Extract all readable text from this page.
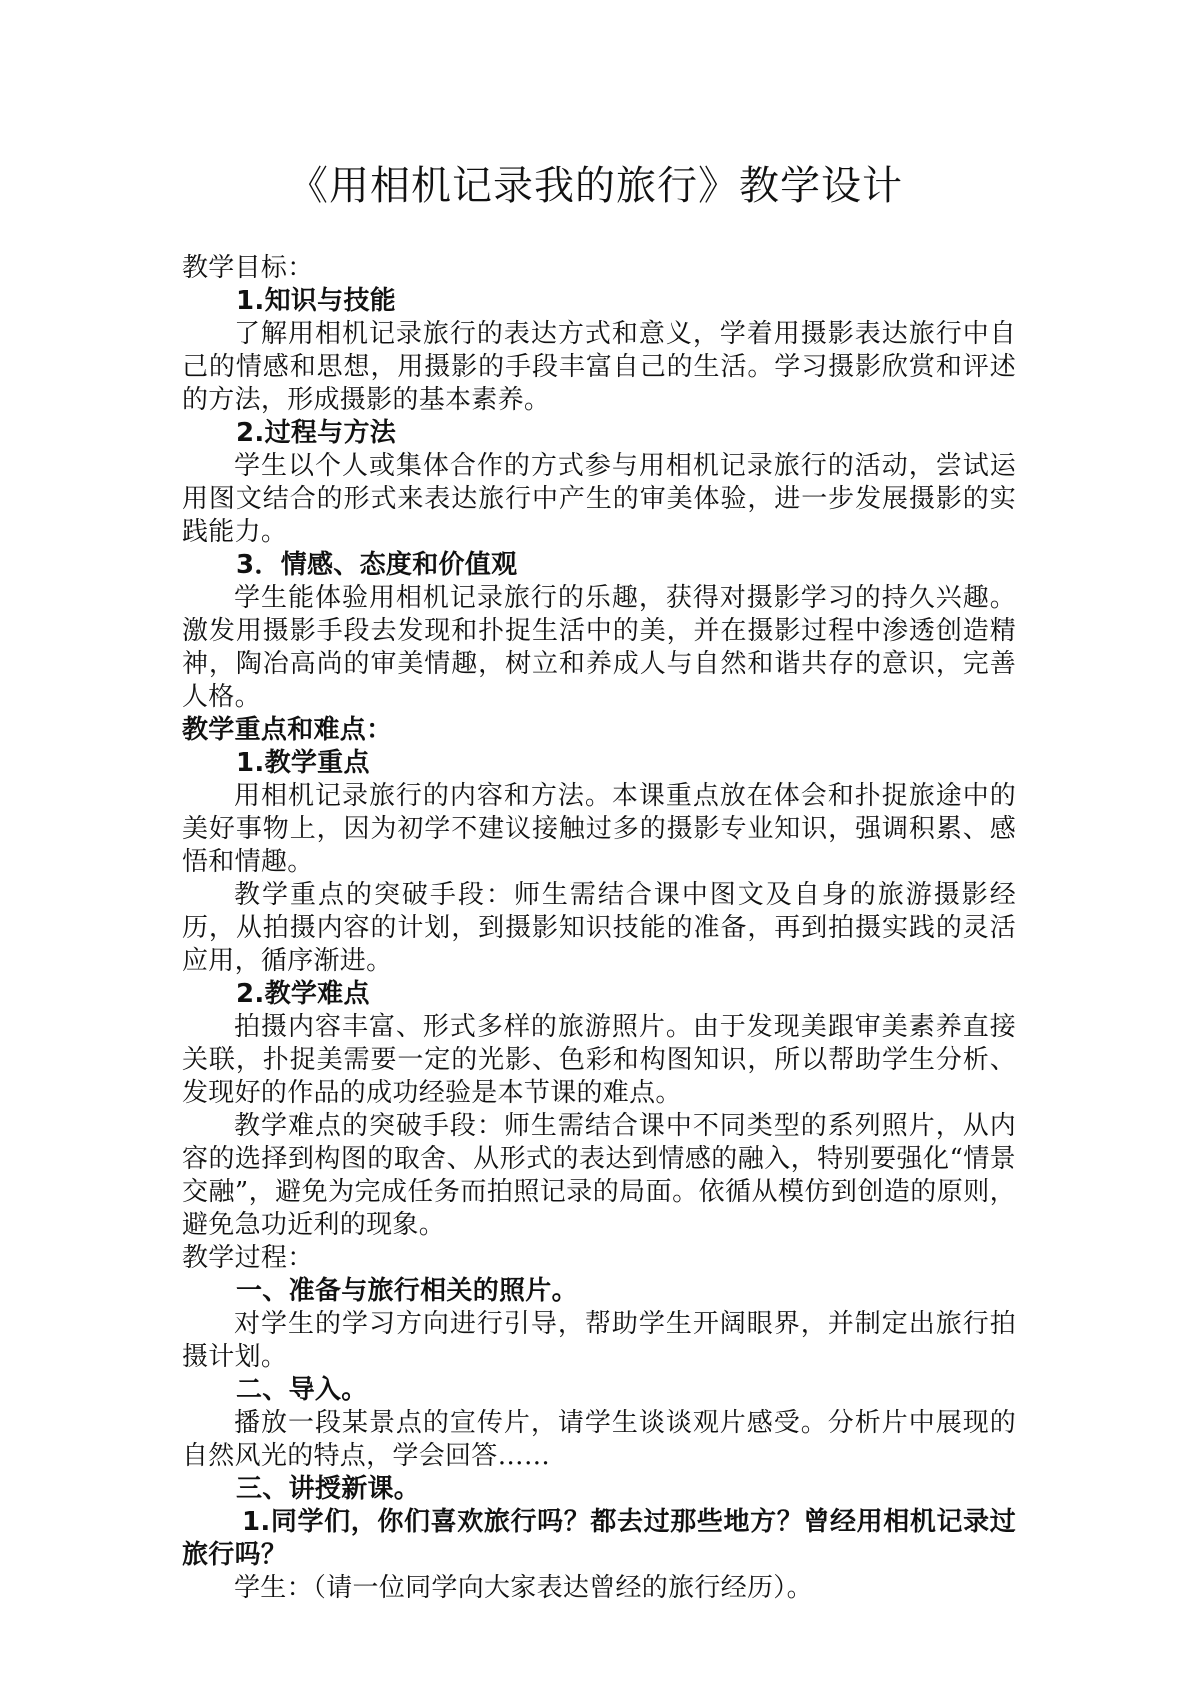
《用相机记录我的旅行》教学设计

教学目标：

1.知识与技能

了解用相机记录旅行的表达方式和意义，学着用摄影表达旅行中自己的情感和思想，用摄影的手段丰富自己的生活。学习摄影欣赏和评述的方法，形成摄影的基本素养。

2.过程与方法

学生以个人或集体合作的方式参与用相机记录旅行的活动，尝试运用图文结合的形式来表达旅行中产生的审美体验，进一步发展摄影的实践能力。

3．情感、态度和价值观

学生能体验用相机记录旅行的乐趣，获得对摄影学习的持久兴趣。激发用摄影手段去发现和扑捉生活中的美，并在摄影过程中渗透创造精神，陶冶高尚的审美情趣，树立和养成人与自然和谐共存的意识，完善人格。

教学重点和难点：

1.教学重点

用相机记录旅行的内容和方法。本课重点放在体会和扑捉旅途中的美好事物上，因为初学不建议接触过多的摄影专业知识，强调积累、感悟和情趣。

教学重点的突破手段：师生需结合课中图文及自身的旅游摄影经历，从拍摄内容的计划，到摄影知识技能的准备，再到拍摄实践的灵活应用，循序渐进。

2.教学难点

拍摄内容丰富、形式多样的旅游照片。由于发现美跟审美素养直接关联，扑捉美需要一定的光影、色彩和构图知识，所以帮助学生分析、发现好的作品的成功经验是本节课的难点。

教学难点的突破手段：师生需结合课中不同类型的系列照片，从内容的选择到构图的取舍、从形式的表达到情感的融入，特别要强化“情景交融”，避免为完成任务而拍照记录的局面。依循从模仿到创造的原则，避免急功近利的现象。

教学过程：

一、准备与旅行相关的照片。

对学生的学习方向进行引导，帮助学生开阔眼界，并制定出旅行拍摄计划。

二、导入。

播放一段某景点的宣传片，请学生谈谈观片感受。分析片中展现的自然风光的特点，学会回答……

三、讲授新课。

1.同学们，你们喜欢旅行吗？都去过那些地方？曾经用相机记录过旅行吗？

学生：（请一位同学向大家表达曾经的旅行经历）。
